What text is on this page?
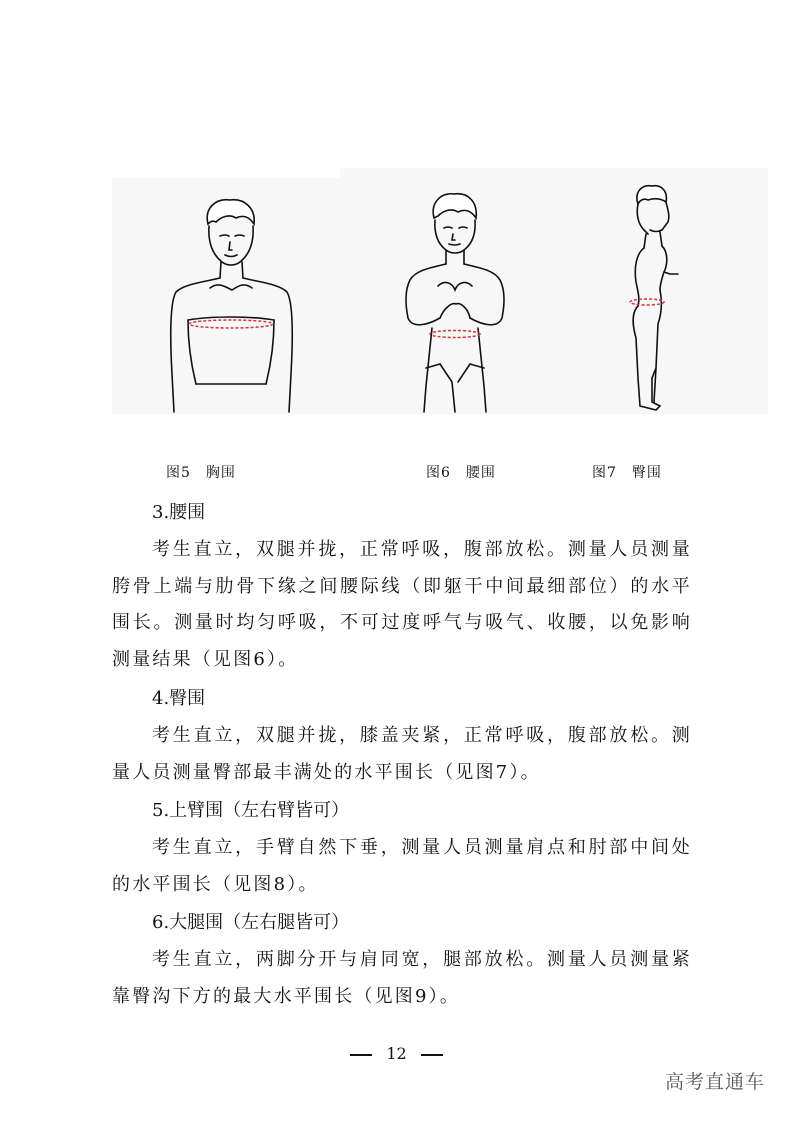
图5　胸围	图6　腰围	图7　臀围
3.腰围
考生直立，双腿并拢，正常呼吸，腹部放松。测量人员测量胯骨上端与肋骨下缘之间腰际线（即躯干中间最细部位）的水平围长。测量时均匀呼吸，不可过度呼气与吸气、收腰，以免影响测量结果（见图6）。
4.臀围
考生直立，双腿并拢，膝盖夹紧，正常呼吸，腹部放松。测量人员测量臀部最丰满处的水平围长（见图7）。
5.上臂围（左右臂皆可）
考生直立，手臂自然下垂，测量人员测量肩点和肘部中间处的水平围长（见图8）。
6.大腿围（左右腿皆可）
考生直立，两脚分开与肩同宽，腿部放松。测量人员测量紧靠臀沟下方的最大水平围长（见图9）。
12
高考直通车
